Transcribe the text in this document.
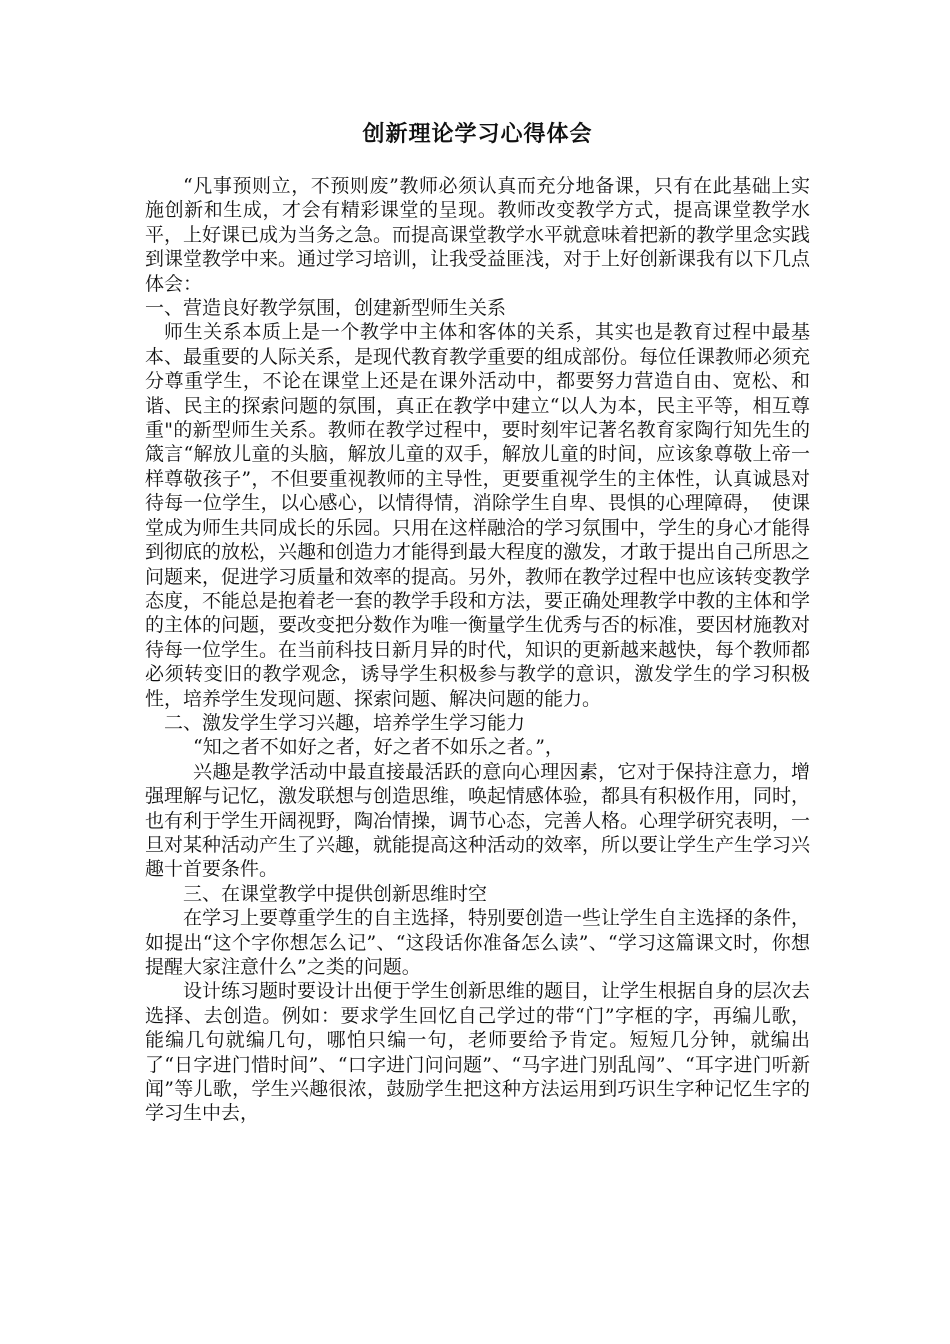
创新理论学习心得体会

“凡事预则立，不预则废”教师必须认真而充分地备课，只有在此基础上实施创新和生成，才会有精彩课堂的呈现。教师改变教学方式，提高课堂教学水平，上好课已成为当务之急。而提高课堂教学水平就意味着把新的教学里念实践到课堂教学中来。通过学习培训，让我受益匪浅，对于上好创新课我有以下几点体会：

一、营造良好教学氛围，创建新型师生关系

师生关系本质上是一个教学中主体和客体的关系，其实也是教育过程中最基本、最重要的人际关系，是现代教育教学重要的组成部份。每位任课教师必须充分尊重学生，不论在课堂上还是在课外活动中，都要努力营造自由、宽松、和谐、民主的探索问题的氛围，真正在教学中建立“以人为本，民主平等，相互尊重"的新型师生关系。教师在教学过程中，要时刻牢记著名教育家陶行知先生的箴言“解放儿童的头脑，解放儿童的双手，解放儿童的时间，应该象尊敬上帝一样尊敬孩子”，不但要重视教师的主导性，更要重视学生的主体性，认真诚恳对待每一位学生，以心感心，以情得情，消除学生自卑、畏惧的心理障碍，　使课堂成为师生共同成长的乐园。只用在这样融洽的学习氛围中，学生的身心才能得到彻底的放松，兴趣和创造力才能得到最大程度的激发，才敢于提出自己所思之问题来，促进学习质量和效率的提高。另外，教师在教学过程中也应该转变教学态度，不能总是抱着老一套的教学手段和方法，要正确处理教学中教的主体和学的主体的问题，要改变把分数作为唯一衡量学生优秀与否的标准，要因材施教对待每一位学生。在当前科技日新月异的时代，知识的更新越来越快，每个教师都必须转变旧的教学观念，诱导学生积极参与教学的意识，激发学生的学习积极性，培养学生发现问题、探索问题、解决问题的能力。

二、激发学生学习兴趣，培养学生学习能力

“知之者不如好之者，好之者不如乐之者。”，

兴趣是教学活动中最直接最活跃的意向心理因素，它对于保持注意力，增强理解与记忆，激发联想与创造思维，唤起情感体验，都具有积极作用，同时，也有利于学生开阔视野，陶冶情操，调节心态，完善人格。心理学研究表明，一旦对某种活动产生了兴趣，就能提高这种活动的效率，所以要让学生产生学习兴趣十首要条件。

三、在课堂教学中提供创新思维时空

在学习上要尊重学生的自主选择，特别要创造一些让学生自主选择的条件，如提出“这个字你想怎么记”、“这段话你准备怎么读”、“学习这篇课文时，你想提醒大家注意什么”之类的问题。

设计练习题时要设计出便于学生创新思维的题目，让学生根据自身的层次去选择、去创造。例如：要求学生回忆自己学过的带“门”字框的字，再编儿歌，能编几句就编几句，哪怕只编一句，老师要给予肯定。短短几分钟，就编出了“日字进门惜时间”、“口字进门问问题”、“马字进门别乱闯”、“耳字进门听新闻”等儿歌，学生兴趣很浓，鼓励学生把这种方法运用到巧识生字种记忆生字的学习生中去，
